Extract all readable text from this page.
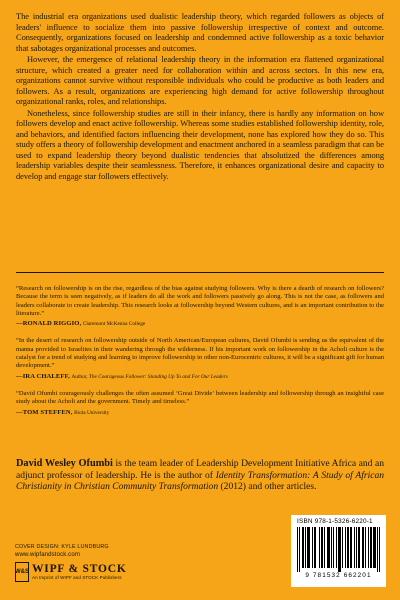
The industrial era organizations used dualistic leadership theory, which regarded followers as objects of leaders' influence to socialize them into passive followership irrespective of context and outcome. Consequently, organizations focused on leadership and condemned active followership as a toxic behavior that sabotages organizational processes and outcomes.

However, the emergence of relational leadership theory in the information era flattened organizational structure, which created a greater need for collaboration within and across sectors. In this new era, organizations cannot survive without responsible individuals who could be productive as both leaders and followers. As a result, organizations are experiencing high demand for active followership throughout organizational ranks, roles, and relationships.

Nonetheless, since followership studies are still in their infancy, there is hardly any information on how followers develop and enact active followership. Whereas some studies established followership identity, role, and behaviors, and identified factors influencing their development, none has explored how they do so. This study offers a theory of followership development and enactment anchored in a seamless paradigm that can be used to expand leadership theory beyond dualistic tendencies that absolutized the differences among leadership variables despite their seamlessness. Therefore, it enhances organizational desire and capacity to develop and engage star followers effectively.

“Research on followership is on the rise, regardless of the bias against studying followers. Why is there a dearth of research on followers? Because the term is seen negatively, as if leaders do all the work and followers passively go along. This is not the case, as followers and leaders collaborate to create leadership. This research looks at followership beyond Western cultures, and is an important contribution to the literature.”

—RONALD RIGGIO, Claremont McKenna College

“In the desert of research on followership outside of North American/European cultures, David Ofumbi is sending us the equivalent of the manna provided to Israelites in their wandering through the wilderness. If his important work on followership in the Acholi culture is the catalyst for a trend of studying and learning to improve followership in other non-Eurocentric cultures, it will be a significant gift for human development.”

—IRA CHALEFF, Author, The Courageous Follower: Standing Up To and For Our Leaders

“David Ofumbi courageously challenges the often assumed ‘Great Divide’ between leadership and followership through an insightful case study about the Acholi and the government. Timely and timeless.”

—TOM STEFFEN, Biola University

David Wesley Ofumbi is the team leader of Leadership Development Initiative Africa and an adjunct professor of leadership. He is the author of Identity Transformation: A Study of African Christianity in Christian Community Transformation (2012) and other articles.
COVER DESIGN: KYLE LUNDBURG
www.wipfandstock.com
W&S WIPF & STOCK
An Imprint of WIPF and STOCK Publishers
ISBN 978-1-5326-6220-1
9 781532 662201
